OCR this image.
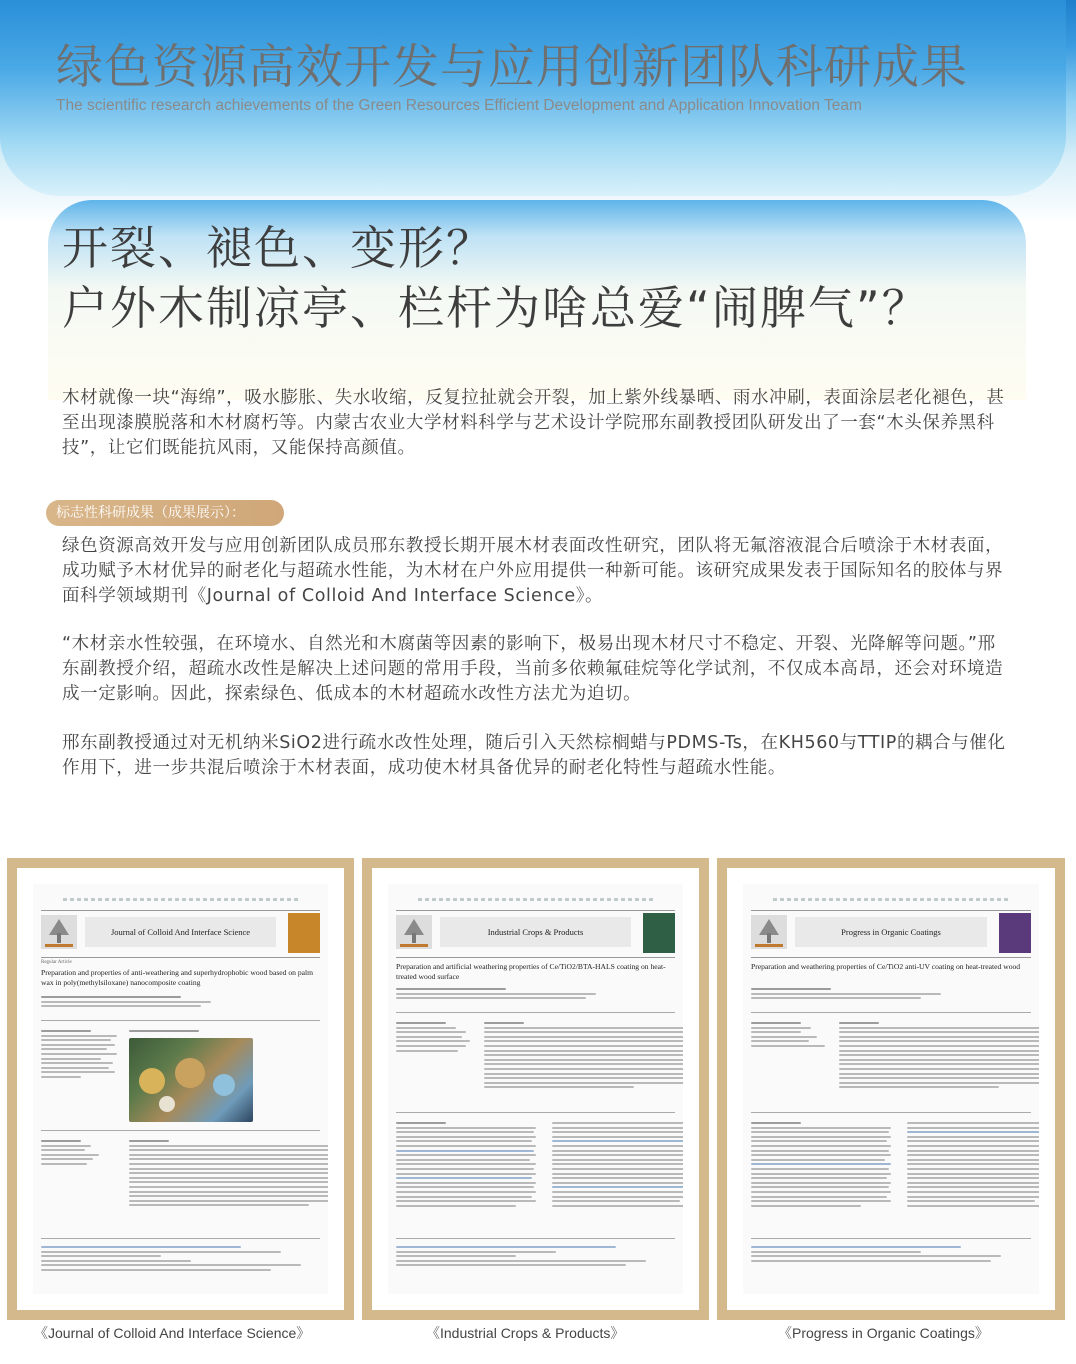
绿色资源高效开发与应用创新团队科研成果
The scientific research achievements of the Green Resources Efficient Development and Application Innovation Team
开裂、褪色、变形？
户外木制凉亭、栏杆为啥总爱“闹脾气”？
木材就像一块“海绵”，吸水膨胀、失水收缩，反复拉扯就会开裂，加上紫外线暴晒、雨水冲刷，表面涂层老化褪色，甚至出现漆膜脱落和木材腐朽等。内蒙古农业大学材料科学与艺术设计学院邢东副教授团队研发出了一套“木头保养黑科技”，让它们既能抗风雨，又能保持高颜值。
标志性科研成果（成果展示）：
绿色资源高效开发与应用创新团队成员邢东教授长期开展木材表面改性研究，团队将无氟溶液混合后喷涂于木材表面，成功赋予木材优异的耐老化与超疏水性能，为木材在户外应用提供一种新可能。该研究成果发表于国际知名的胶体与界面科学领域期刊《Journal of Colloid And Interface Science》。
“木材亲水性较强，在环境水、自然光和木腐菌等因素的影响下，极易出现木材尺寸不稳定、开裂、光降解等问题。”邢东副教授介绍，超疏水改性是解决上述问题的常用手段，当前多依赖氟硅烷等化学试剂，不仅成本高昂，还会对环境造成一定影响。因此，探索绿色、低成本的木材超疏水改性方法尤为迫切。
邢东副教授通过对无机纳米SiO2进行疏水改性处理，随后引入天然棕榈蜡与PDMS-Ts，在KH560与TTIP的耦合与催化作用下，进一步共混后喷涂于木材表面，成功使木材具备优异的耐老化特性与超疏水性能。
Journal of Colloid And Interface Science
Regular Article
Preparation and properties of anti-weathering and superhydrophobic wood based on palm wax in poly(methylsiloxane) nanocomposite coating
Industrial Crops & Products
Preparation and artificial weathering properties of Ce/TiO2/BTA-HALS coating on heat-treated wood surface
Progress in Organic Coatings
Preparation and weathering properties of Ce/TiO2 anti-UV coating on heat-treated wood
《Journal of Colloid And Interface Science》	《Industrial Crops & Products》	《Progress in Organic Coatings》
